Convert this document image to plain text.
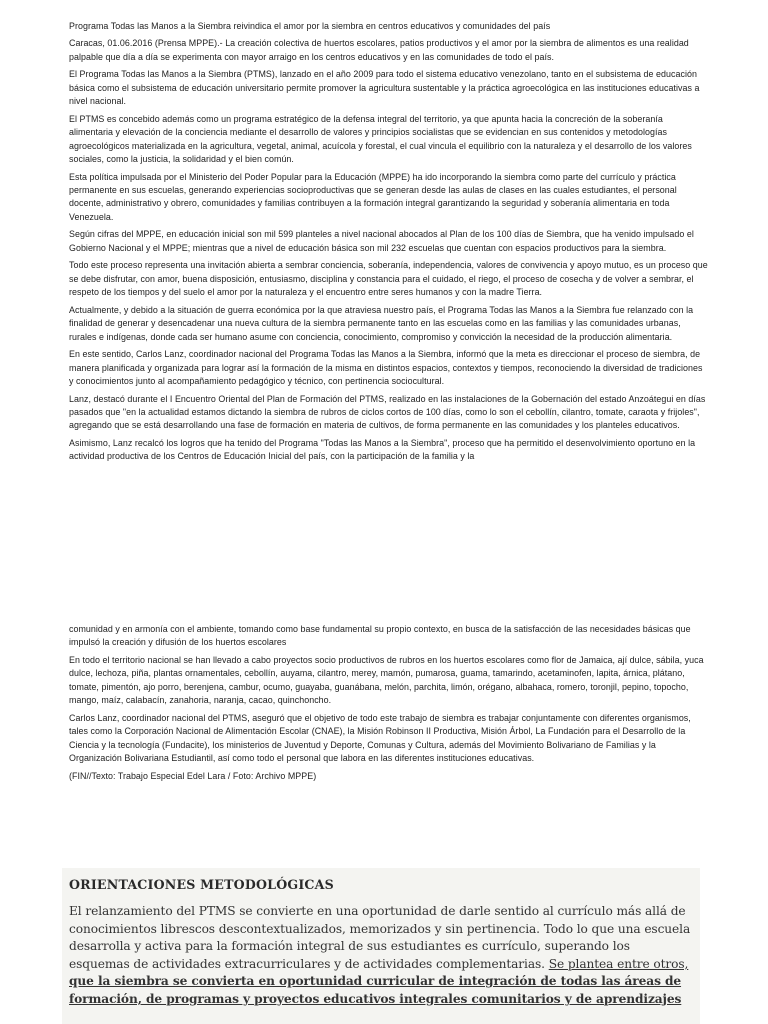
Programa Todas las Manos a la Siembra reivindica el amor por la siembra en centros educativos y comunidades del país

Caracas, 01.06.2016 (Prensa MPPE).- La creación colectiva de huertos escolares, patios productivos y el amor por la siembra de alimentos es una realidad palpable que día a día se experimenta con mayor arraigo en los centros educativos y en las comunidades de todo el país.

El Programa Todas las Manos a la Siembra (PTMS), lanzado en el año 2009 para todo el sistema educativo venezolano, tanto en el subsistema de educación básica como el subsistema de educación universitario permite promover la agricultura sustentable y la práctica agroecológica en las instituciones educativas a nivel nacional.

El PTMS es concebido además como un programa estratégico de la defensa integral del territorio, ya que apunta hacia la concreción de la soberanía alimentaria y elevación de la conciencia mediante el desarrollo de valores y principios socialistas que se evidencian en sus contenidos y metodologías agroecológicos materializada en la agricultura, vegetal, animal, acuícola y forestal, el cual vincula el equilibrio con la naturaleza y el desarrollo de los valores sociales, como la justicia, la solidaridad y el bien común.

Esta política impulsada por el Ministerio del Poder Popular para la Educación (MPPE) ha ido incorporando la siembra como parte del currículo y práctica permanente en sus escuelas, generando experiencias socioproductivas que se generan desde las aulas de clases en las cuales estudiantes, el personal docente, administrativo y obrero, comunidades y familias contribuyen a la formación integral garantizando la seguridad y soberanía alimentaria en toda Venezuela.

Según cifras del MPPE, en educación inicial son mil 599 planteles a nivel nacional abocados al Plan de los 100 días de Siembra, que ha venido impulsado el Gobierno Nacional y el MPPE; mientras que a nivel de educación básica son mil 232 escuelas que cuentan con espacios productivos para la siembra.

Todo este proceso representa una invitación abierta a sembrar conciencia, soberanía, independencia, valores de convivencia y apoyo mutuo, es un proceso que se debe disfrutar, con amor, buena disposición, entusiasmo, disciplina y constancia para el cuidado, el riego, el proceso de cosecha y de volver a sembrar, el respeto de los tiempos y del suelo el amor por la naturaleza y el encuentro entre seres humanos y con la madre Tierra.

Actualmente, y debido a la situación de guerra económica por la que atraviesa nuestro país, el Programa Todas las Manos a la Siembra fue relanzado con la finalidad de generar y desencadenar una nueva cultura de la siembra permanente tanto en las escuelas como en las familias y las comunidades urbanas, rurales e indígenas, donde cada ser humano asume con conciencia, conocimiento, compromiso y convicción la necesidad de la producción alimentaria.

En este sentido, Carlos Lanz, coordinador nacional del Programa Todas las Manos a la Siembra, informó que la meta es direccionar el proceso de siembra, de manera planificada y organizada para lograr así la formación de la misma en distintos espacios, contextos y tiempos, reconociendo la diversidad de tradiciones y conocimientos junto al acompañamiento pedagógico y técnico, con pertinencia sociocultural.

Lanz, destacó durante el I Encuentro Oriental del Plan de Formación del PTMS, realizado en las instalaciones de la Gobernación del estado Anzoátegui en días pasados que "en la actualidad estamos dictando la siembra de rubros de ciclos cortos de 100 días, como lo son el cebollín, cilantro, tomate, caraota y frijoles", agregando que se está desarrollando una fase de formación en materia de cultivos, de forma permanente en las comunidades y los planteles educativos.

Asimismo, Lanz recalcó los logros que ha tenido del Programa "Todas las Manos a la Siembra", proceso que ha permitido el desenvolvimiento oportuno en la actividad productiva de los Centros de Educación Inicial del país, con la participación de la familia y la

comunidad y en armonía con el ambiente, tomando como base fundamental su propio contexto, en busca de la satisfacción de las necesidades básicas que impulsó la creación y difusión de los huertos escolares

En todo el territorio nacional se han llevado a cabo proyectos socio productivos de rubros en los huertos escolares como flor de Jamaica, ají dulce, sábila, yuca dulce, lechoza, piña, plantas ornamentales, cebollín, auyama, cilantro, merey, mamón, pumarosa, guama, tamarindo, acetaminofen, lapita, árnica, plátano, tomate, pimentón, ajo porro, berenjena, cambur, ocumo, guayaba, guanábana, melón, parchita, limón, orégano, albahaca, romero, toronjil, pepino, topocho, mango, maíz, calabacín, zanahoria, naranja, cacao, quinchoncho.

Carlos Lanz, coordinador nacional del PTMS, aseguró que el objetivo de todo este trabajo de siembra es trabajar conjuntamente con diferentes organismos, tales como la Corporación Nacional de Alimentación Escolar (CNAE), la Misión Robinson II Productiva, Misión Árbol, La Fundación para el Desarrollo de la Ciencia y la tecnología (Fundacite), los ministerios de Juventud y Deporte, Comunas y Cultura, además del Movimiento Bolivariano de Familias y la Organización Bolivariana Estudiantil, así como todo el personal que labora en las diferentes instituciones educativas.

(FIN//Texto: Trabajo Especial Edel Lara / Foto: Archivo MPPE)

ORIENTACIONES METODOLÓGICAS
El relanzamiento del PTMS se convierte en una oportunidad de darle sentido al currículo más allá de conocimientos librescos descontextualizados, memorizados y sin pertinencia. Todo lo que una escuela desarrolla y activa para la formación integral de sus estudiantes es currículo, superando los esquemas de actividades extracurriculares y de actividades complementarias. Se plantea entre otros, que la siembra se convierta en oportunidad curricular de integración de todas las áreas de formación, de programas y proyectos educativos integrales comunitarios y de aprendizajes
